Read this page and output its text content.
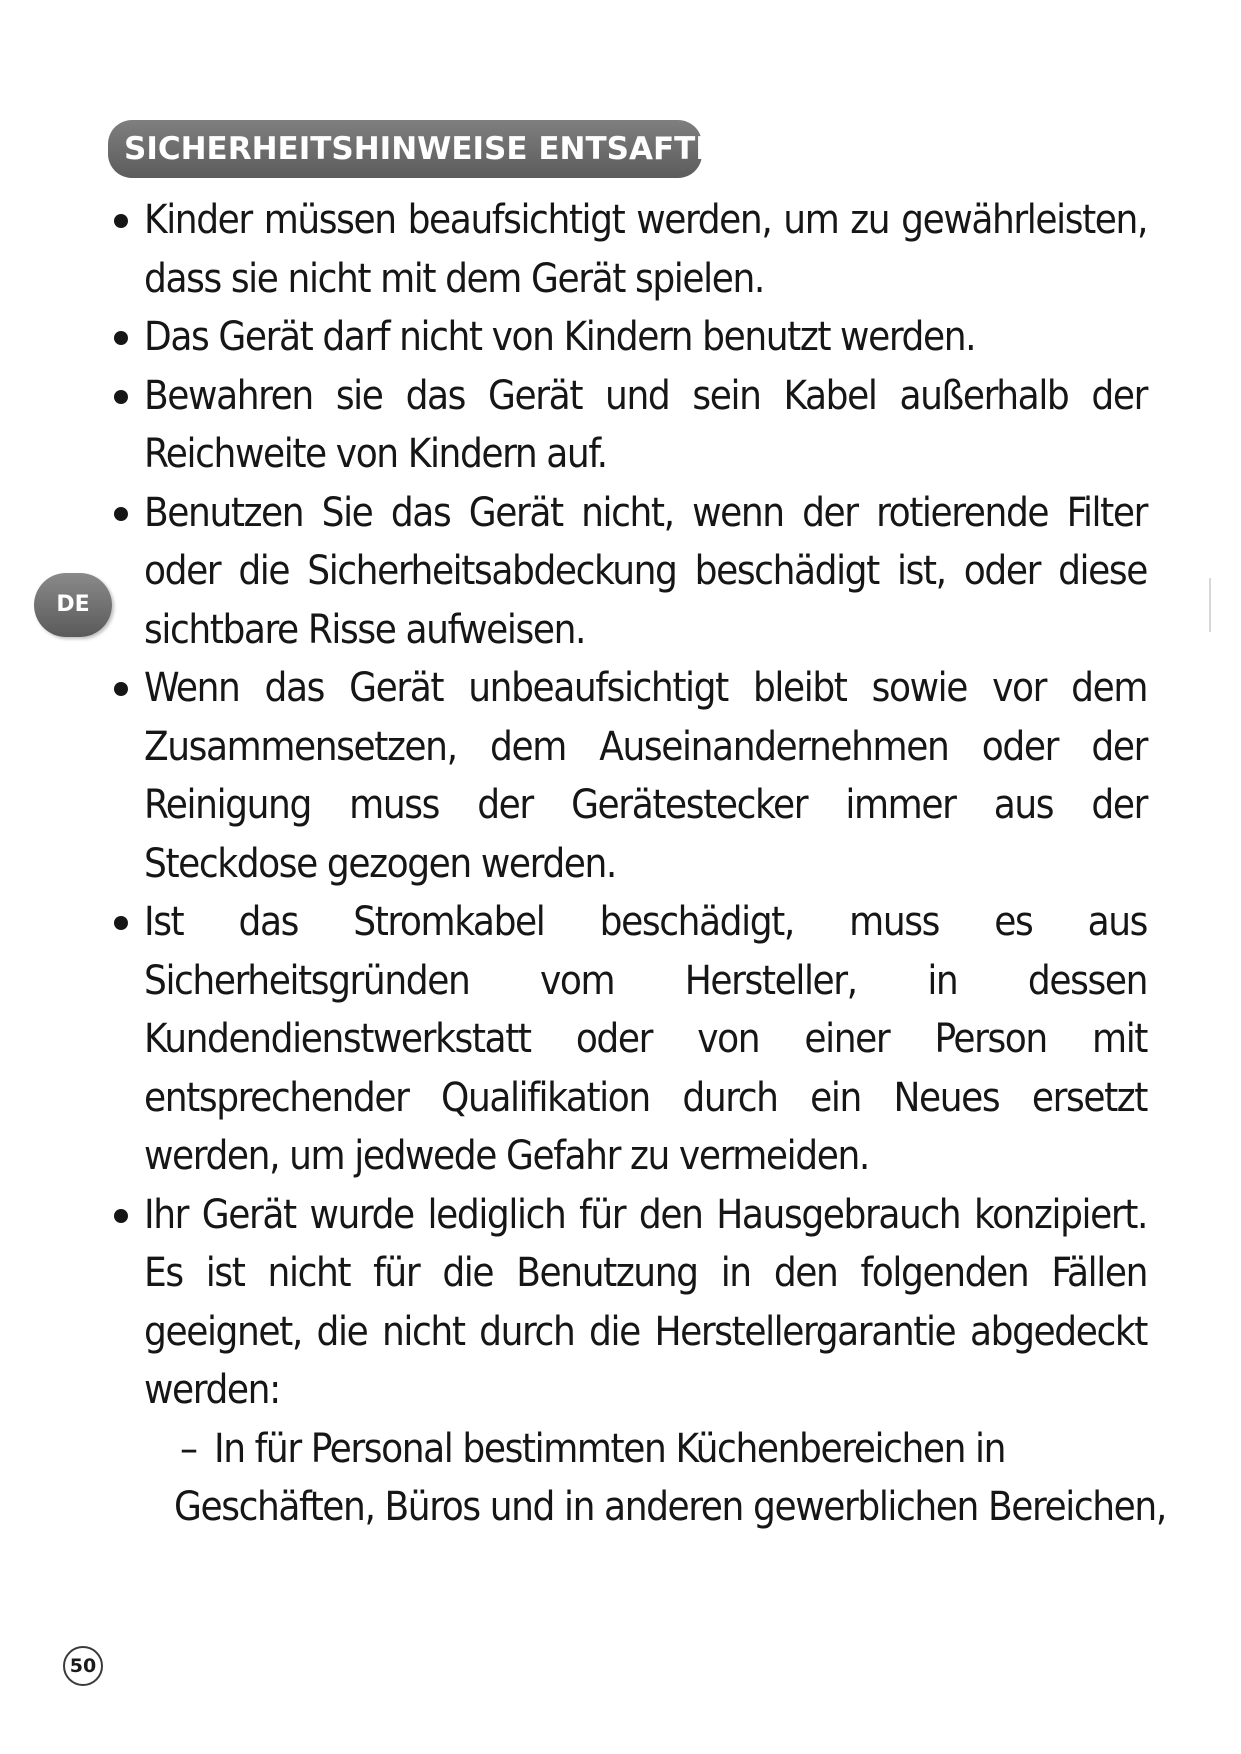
SICHERHEITSHINWEISE ENTSAFTER
DE
Kinder müssen beaufsichtigt werden, um zu gewährleisten, dass sie nicht mit dem Gerät spielen.
Das Gerät darf nicht von Kindern benutzt werden.
Bewahren sie das Gerät und sein Kabel außerhalb der Reichweite von Kindern auf.
Benutzen Sie das Gerät nicht, wenn der rotierende Filter oder die Sicherheitsabdeckung beschädigt ist, oder diese sichtbare Risse aufweisen.
Wenn das Gerät unbeaufsichtigt bleibt sowie vor dem Zusammensetzen, dem Auseinandernehmen oder der Reinigung muss der Gerätestecker immer aus der Steckdose gezogen werden.
Ist das Stromkabel beschädigt, muss es aus Sicherheitsgründen vom Hersteller, in dessen Kundendienstwerkstatt oder von einer Person mit entsprechender Qualifikation durch ein Neues ersetzt werden, um jedwede Gefahr zu vermeiden.
Ihr Gerät wurde lediglich für den Hausgebrauch konzipiert. Es ist nicht für die Benutzung in den folgenden Fällen geeignet, die nicht durch die Herstellergarantie abgedeckt werden:
– In für Personal bestimmten Küchenbereichen in Geschäften, Büros und in anderen gewerblichen Bereichen,
50
